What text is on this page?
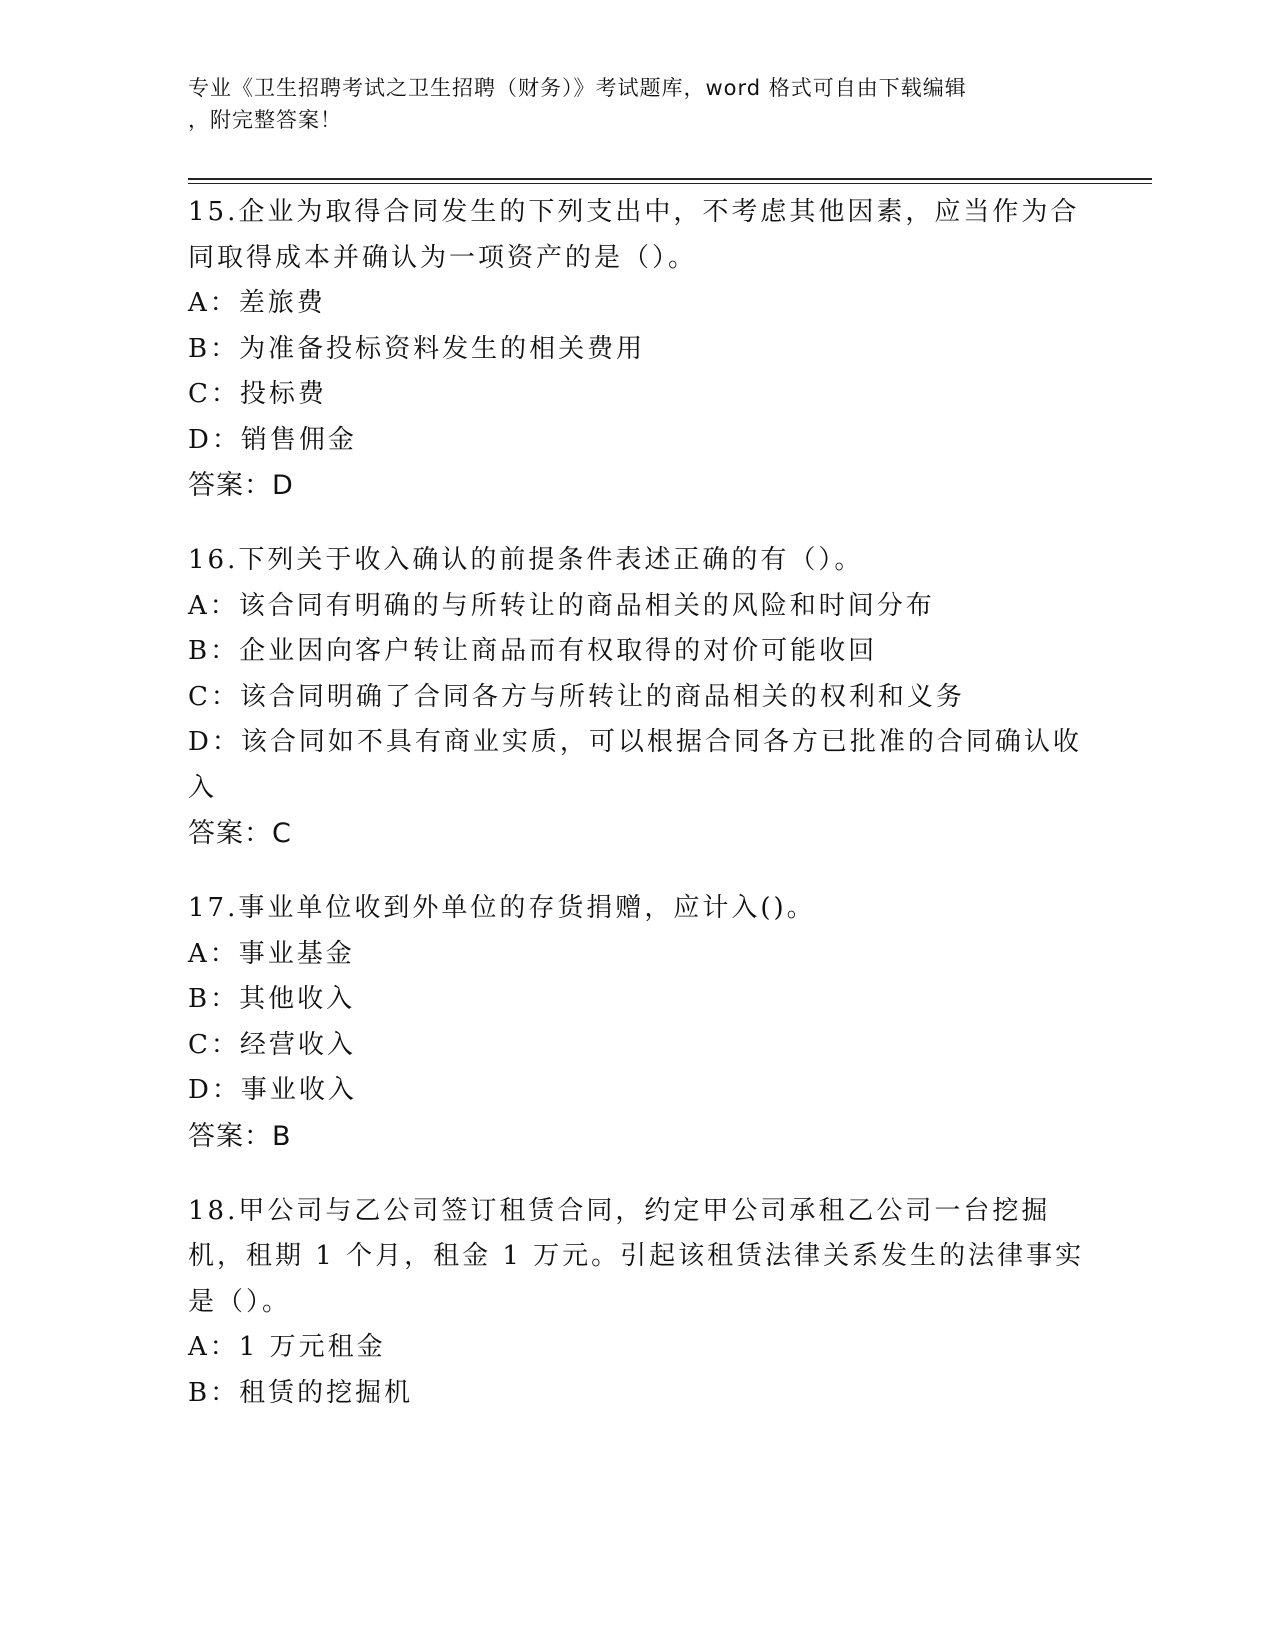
专业《卫生招聘考试之卫生招聘（财务）》考试题库，word 格式可自由下载编辑
，附完整答案！
15.企业为取得合同发生的下列支出中，不考虑其他因素，应当作为合同取得成本并确认为一项资产的是（）。
A：差旅费
B：为准备投标资料发生的相关费用
C：投标费
D：销售佣金
答案：D
16.下列关于收入确认的前提条件表述正确的有（）。
A：该合同有明确的与所转让的商品相关的风险和时间分布
B：企业因向客户转让商品而有权取得的对价可能收回
C：该合同明确了合同各方与所转让的商品相关的权利和义务
D：该合同如不具有商业实质，可以根据合同各方已批准的合同确认收入
答案：C
17.事业单位收到外单位的存货捐赠，应计入()。
A：事业基金
B：其他收入
C：经营收入
D：事业收入
答案：B
18.甲公司与乙公司签订租赁合同，约定甲公司承租乙公司一台挖掘机，租期 1 个月，租金 1 万元。引起该租赁法律关系发生的法律事实是（）。
A：1 万元租金
B：租赁的挖掘机
